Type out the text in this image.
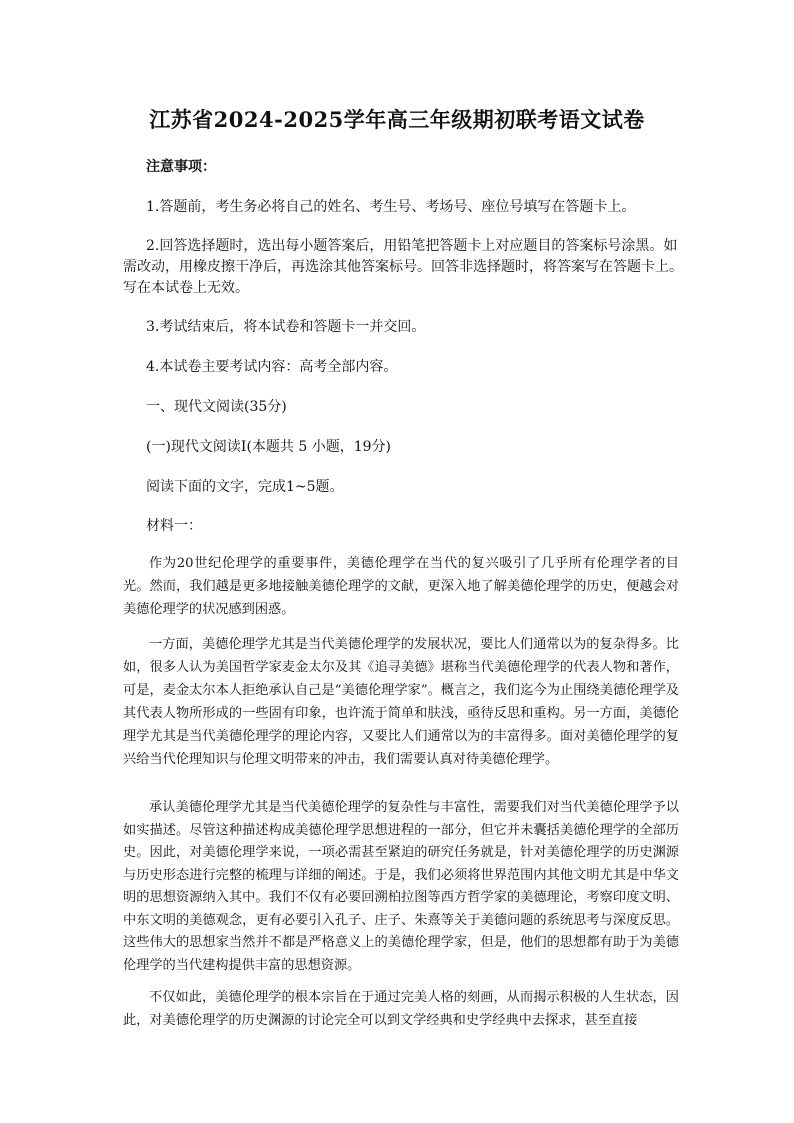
江苏省2024-2025学年高三年级期初联考语文试卷
注意事项：
1.答题前，考生务必将自己的姓名、考生号、考场号、座位号填写在答题卡上。
2.回答选择题时，选出每小题答案后，用铅笔把答题卡上对应题目的答案标号涂黑。如需改动，用橡皮擦干净后，再选涂其他答案标号。回答非选择题时，将答案写在答题卡上。写在本试卷上无效。
3.考试结束后，将本试卷和答题卡一并交回。
4.本试卷主要考试内容：高考全部内容。
一、现代文阅读(35分)
(一)现代文阅读Ⅰ(本题共 5 小题，19分)
阅读下面的文字，完成1~5题。
材料一：
作为20世纪伦理学的重要事件，美德伦理学在当代的复兴吸引了几乎所有伦理学者的目光。然而，我们越是更多地接触美德伦理学的文献，更深入地了解美德伦理学的历史，便越会对美德伦理学的状况感到困惑。
一方面，美德伦理学尤其是当代美德伦理学的发展状况，要比人们通常以为的复杂得多。比如，很多人认为美国哲学家麦金太尔及其《追寻美德》堪称当代美德伦理学的代表人物和著作，可是，麦金太尔本人拒绝承认自己是“美德伦理学家”。概言之，我们迄今为止围绕美德伦理学及其代表人物所形成的一些固有印象，也许流于简单和肤浅，亟待反思和重构。另一方面，美德伦理学尤其是当代美德伦理学的理论内容，又要比人们通常以为的丰富得多。面对美德伦理学的复兴给当代伦理知识与伦理文明带来的冲击，我们需要认真对待美德伦理学。
承认美德伦理学尤其是当代美德伦理学的复杂性与丰富性，需要我们对当代美德伦理学予以如实描述。尽管这种描述构成美德伦理学思想进程的一部分，但它并未囊括美德伦理学的全部历史。因此，对美德伦理学来说，一项必需甚至紧迫的研究任务就是，针对美德伦理学的历史渊源与历史形态进行完整的梳理与详细的阐述。于是，我们必须将世界范围内其他文明尤其是中华文明的思想资源纳入其中。我们不仅有必要回溯柏拉图等西方哲学家的美德理论，考察印度文明、中东文明的美德观念，更有必要引入孔子、庄子、朱熹等关于美德问题的系统思考与深度反思。这些伟大的思想家当然并不都是严格意义上的美德伦理学家，但是，他们的思想都有助于为美德伦理学的当代建构提供丰富的思想资源。
不仅如此，美德伦理学的根本宗旨在于通过完美人格的刻画，从而揭示积极的人生状态，因此，对美德伦理学的历史渊源的讨论完全可以到文学经典和史学经典中去探求，甚至直接
